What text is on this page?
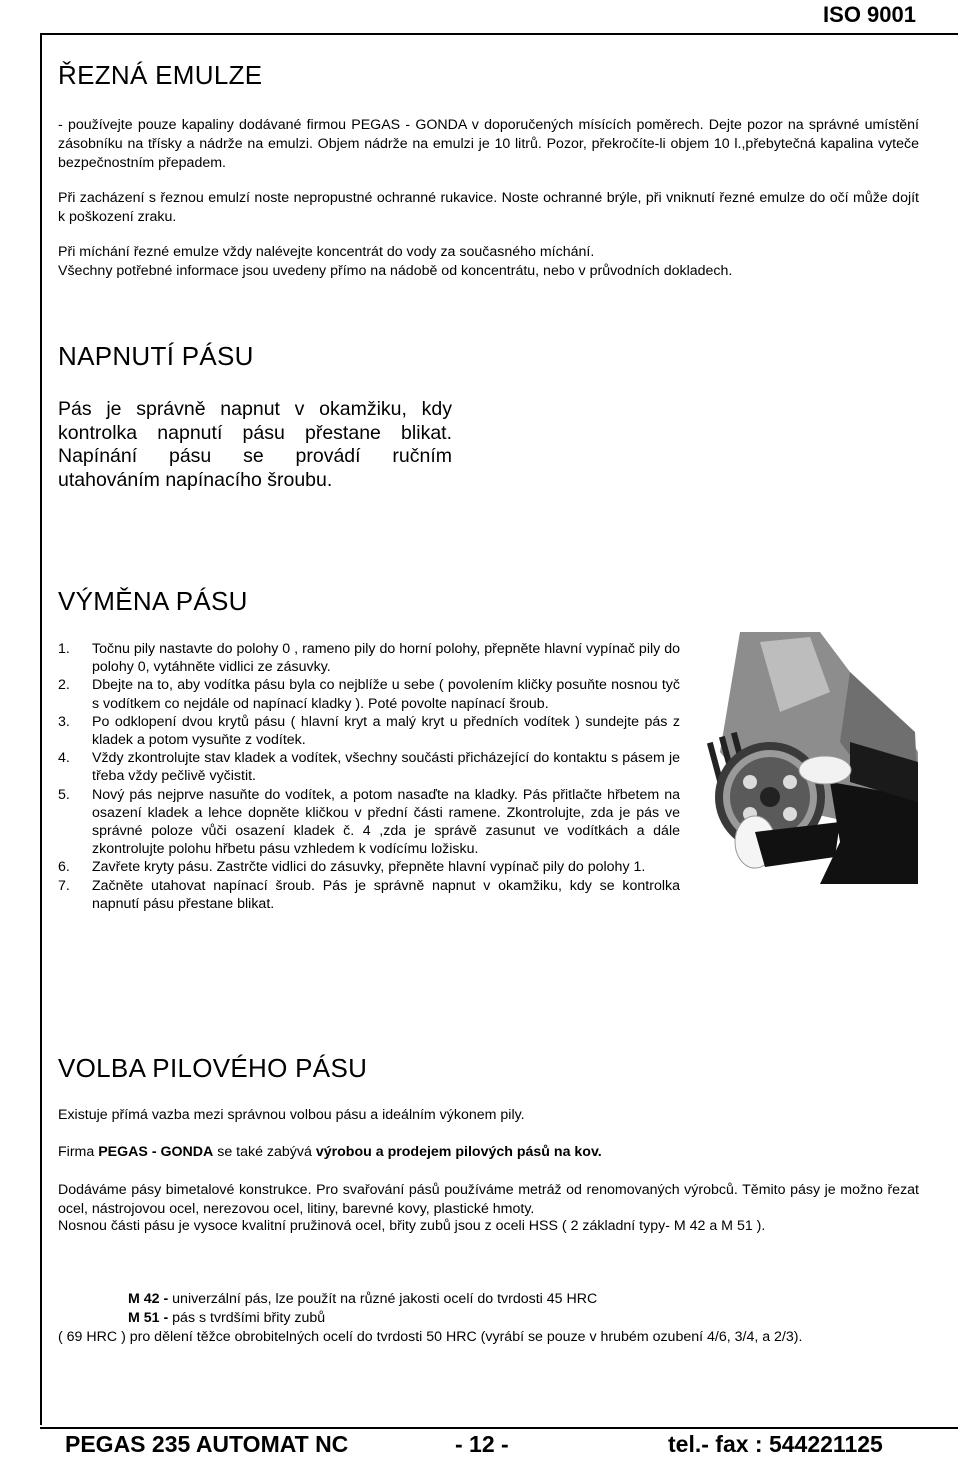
ISO 9001
ŘEZNÁ EMULZE

- používejte pouze kapaliny dodávané firmou PEGAS - GONDA v doporučených mísících poměrech. Dejte pozor na správné umístění zásobníku na třísky a nádrže na emulzi. Objem nádrže na emulzi je 10 litrů. Pozor, překročíte-li objem 10 l.,přebytečná kapalina vyteče bezpečnostním přepadem.

Při zacházení s řeznou emulzí noste nepropustné ochranné rukavice. Noste ochranné brýle, při vniknutí řezné emulze do očí může dojít k poškození zraku.

Při míchání řezné emulze vždy nalévejte koncentrát do vody za současného míchání.

Všechny potřebné informace jsou uvedeny přímo na nádobě od koncentrátu, nebo v průvodních dokladech.

NAPNUTÍ PÁSU

Pás je správně napnut v okamžiku, kdy kontrolka napnutí pásu přestane blikat. Napínání pásu se provádí ručním utahováním napínacího šroubu.

VÝMĚNA PÁSU
1. Točnu pily nastavte do polohy 0 , rameno pily do horní polohy, přepněte hlavní vypínač pily do polohy 0, vytáhněte vidlici ze zásuvky.
2. Dbejte na to, aby vodítka pásu byla co nejblíže u sebe ( povolením kličky posuňte nosnou tyč s vodítkem co nejdále od napínací kladky ). Poté povolte napínací šroub.
3. Po odklopení dvou krytů pásu ( hlavní kryt a malý kryt u předních vodítek ) sundejte pás z kladek a potom vysuňte z vodítek.
4. Vždy zkontrolujte stav kladek a vodítek, všechny součásti přicházející do kontaktu s pásem je třeba vždy pečlivě vyčistit.
5. Nový pás nejprve nasuňte do vodítek, a potom nasaďte na kladky. Pás přitlačte hřbetem na osazení kladek a lehce dopněte kličkou v přední části ramene. Zkontrolujte, zda je pás ve správné poloze vůči osazení kladek č. 4 ,zda je správě zasunut ve vodítkách a dále zkontrolujte polohu hřbetu pásu vzhledem k vodícímu ložisku.
6. Zavřete kryty pásu. Zastrčte vidlici do zásuvky, přepněte hlavní vypínač pily do polohy 1.
7. Začněte utahovat napínací šroub. Pás je správně napnut v okamžiku, kdy se kontrolka napnutí pásu přestane blikat.
VOLBA PILOVÉHO PÁSU

Existuje přímá vazba mezi správnou volbou pásu a ideálním výkonem pily.

Firma PEGAS - GONDA se také zabývá výrobou a prodejem pilových pásů na kov.

Dodáváme pásy bimetalové konstrukce. Pro svařování pásů používáme metráž od renomovaných výrobců. Těmito pásy je možno řezat ocel, nástrojovou ocel, nerezovou ocel, litiny, barevné kovy, plastické hmoty.

Nosnou části pásu je vysoce kvalitní pružinová ocel, břity zubů jsou z oceli HSS ( 2 základní typy- M 42 a M 51 ).

M 42 - univerzální pás, lze použít na různé jakosti ocelí do tvrdosti 45 HRC
M 51 - pás s tvrdšími břity zubů
( 69 HRC ) pro dělení těžce obrobitelných ocelí do tvrdosti 50 HRC (vyrábí se pouze v hrubém ozubení 4/6, 3/4, a 2/3).
PEGAS 235 AUTOMAT NC	- 12 -	tel.- fax : 544221125
